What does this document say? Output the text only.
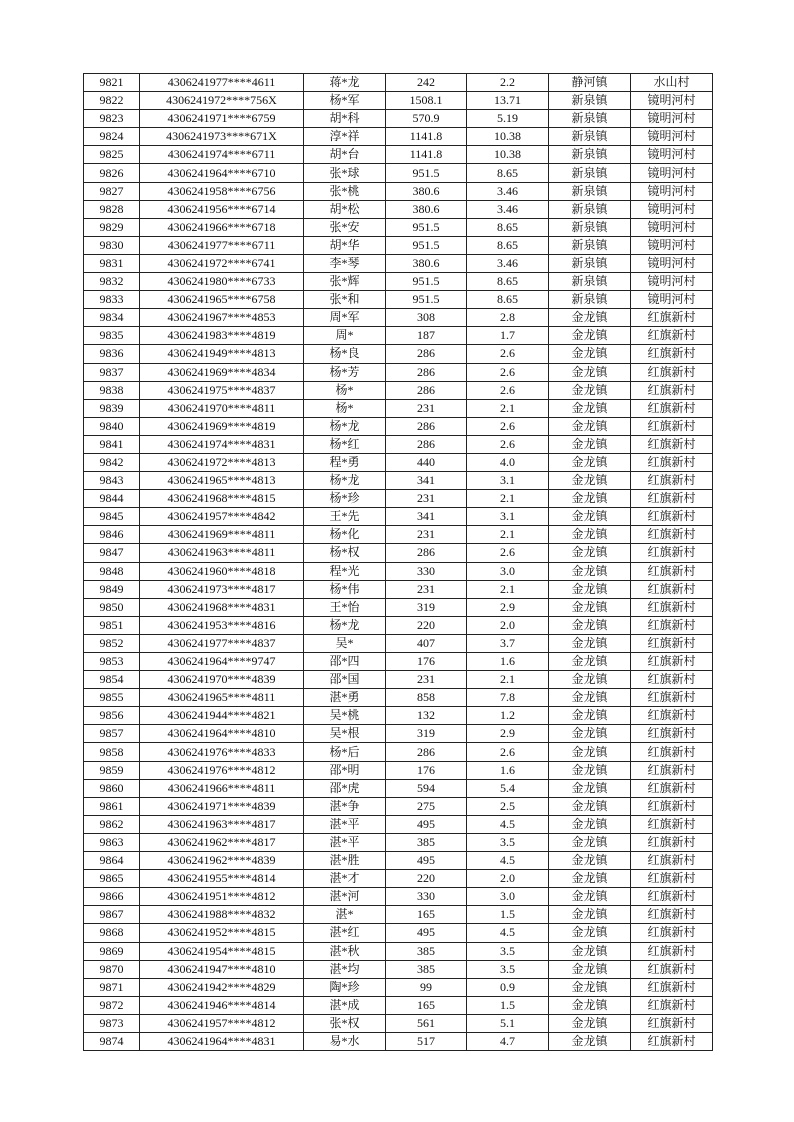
9821	4306241977****4611	蒋*龙	242	2.2	静河镇	水山村
9822	4306241972****756X	杨*军	1508.1	13.71	新泉镇	镜明河村
9823	4306241971****6759	胡*科	570.9	5.19	新泉镇	镜明河村
9824	4306241973****671X	淳*祥	1141.8	10.38	新泉镇	镜明河村
9825	4306241974****6711	胡*台	1141.8	10.38	新泉镇	镜明河村
9826	4306241964****6710	张*球	951.5	8.65	新泉镇	镜明河村
9827	4306241958****6756	张*桃	380.6	3.46	新泉镇	镜明河村
9828	4306241956****6714	胡*松	380.6	3.46	新泉镇	镜明河村
9829	4306241966****6718	张*安	951.5	8.65	新泉镇	镜明河村
9830	4306241977****6711	胡*华	951.5	8.65	新泉镇	镜明河村
9831	4306241972****6741	李*琴	380.6	3.46	新泉镇	镜明河村
9832	4306241980****6733	张*辉	951.5	8.65	新泉镇	镜明河村
9833	4306241965****6758	张*和	951.5	8.65	新泉镇	镜明河村
9834	4306241967****4853	周*军	308	2.8	金龙镇	红旗新村
9835	4306241983****4819	周*	187	1.7	金龙镇	红旗新村
9836	4306241949****4813	杨*良	286	2.6	金龙镇	红旗新村
9837	4306241969****4834	杨*芳	286	2.6	金龙镇	红旗新村
9838	4306241975****4837	杨*	286	2.6	金龙镇	红旗新村
9839	4306241970****4811	杨*	231	2.1	金龙镇	红旗新村
9840	4306241969****4819	杨*龙	286	2.6	金龙镇	红旗新村
9841	4306241974****4831	杨*红	286	2.6	金龙镇	红旗新村
9842	4306241972****4813	程*勇	440	4.0	金龙镇	红旗新村
9843	4306241965****4813	杨*龙	341	3.1	金龙镇	红旗新村
9844	4306241968****4815	杨*珍	231	2.1	金龙镇	红旗新村
9845	4306241957****4842	王*先	341	3.1	金龙镇	红旗新村
9846	4306241969****4811	杨*化	231	2.1	金龙镇	红旗新村
9847	4306241963****4811	杨*权	286	2.6	金龙镇	红旗新村
9848	4306241960****4818	程*光	330	3.0	金龙镇	红旗新村
9849	4306241973****4817	杨*伟	231	2.1	金龙镇	红旗新村
9850	4306241968****4831	王*怡	319	2.9	金龙镇	红旗新村
9851	4306241953****4816	杨*龙	220	2.0	金龙镇	红旗新村
9852	4306241977****4837	吴*	407	3.7	金龙镇	红旗新村
9853	4306241964****9747	邵*四	176	1.6	金龙镇	红旗新村
9854	4306241970****4839	邵*国	231	2.1	金龙镇	红旗新村
9855	4306241965****4811	湛*勇	858	7.8	金龙镇	红旗新村
9856	4306241944****4821	吴*桃	132	1.2	金龙镇	红旗新村
9857	4306241964****4810	吴*根	319	2.9	金龙镇	红旗新村
9858	4306241976****4833	杨*后	286	2.6	金龙镇	红旗新村
9859	4306241976****4812	邵*明	176	1.6	金龙镇	红旗新村
9860	4306241966****4811	邵*虎	594	5.4	金龙镇	红旗新村
9861	4306241971****4839	湛*争	275	2.5	金龙镇	红旗新村
9862	4306241963****4817	湛*平	495	4.5	金龙镇	红旗新村
9863	4306241962****4817	湛*平	385	3.5	金龙镇	红旗新村
9864	4306241962****4839	湛*胜	495	4.5	金龙镇	红旗新村
9865	4306241955****4814	湛*才	220	2.0	金龙镇	红旗新村
9866	4306241951****4812	湛*河	330	3.0	金龙镇	红旗新村
9867	4306241988****4832	湛*	165	1.5	金龙镇	红旗新村
9868	4306241952****4815	湛*红	495	4.5	金龙镇	红旗新村
9869	4306241954****4815	湛*秋	385	3.5	金龙镇	红旗新村
9870	4306241947****4810	湛*均	385	3.5	金龙镇	红旗新村
9871	4306241942****4829	陶*珍	99	0.9	金龙镇	红旗新村
9872	4306241946****4814	湛*成	165	1.5	金龙镇	红旗新村
9873	4306241957****4812	张*权	561	5.1	金龙镇	红旗新村
9874	4306241964****4831	易*水	517	4.7	金龙镇	红旗新村
